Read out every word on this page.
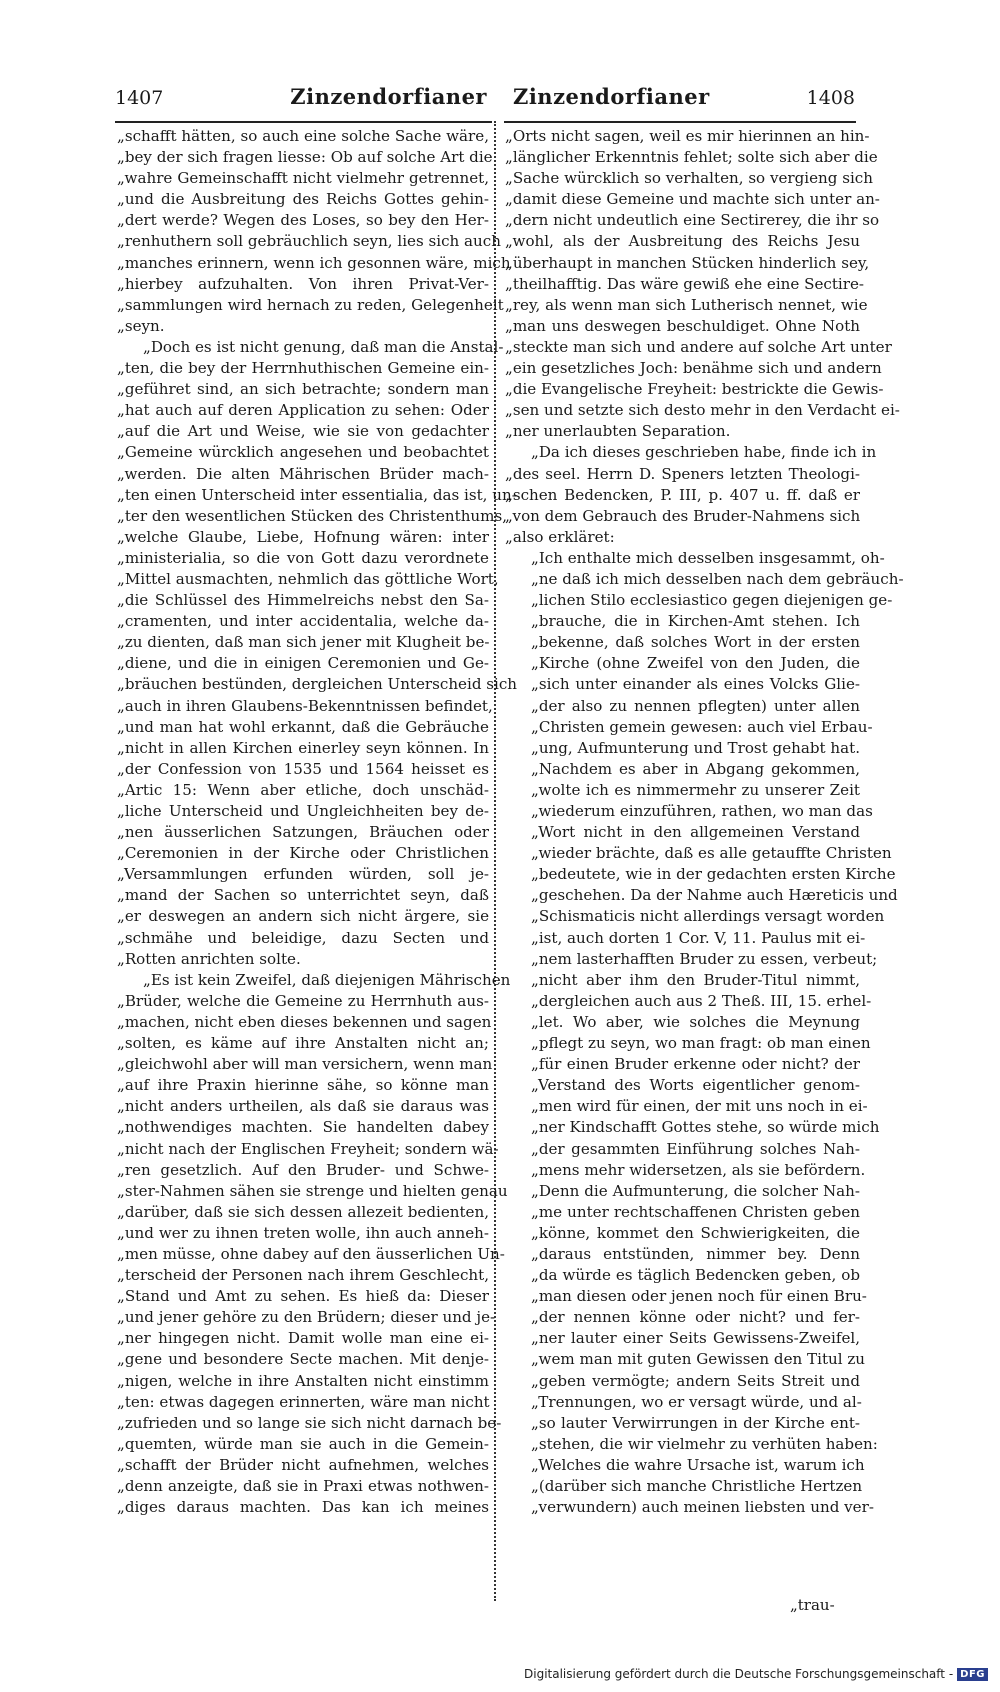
1407	Zinzendorfianer Zinzendorfianer	1408
„schafft hätten, so auch eine solche Sache wäre,
„bey der sich fragen liesse: Ob auf solche Art die
„wahre Gemeinschafft nicht vielmehr getrennet,
„und die Ausbreitung des Reichs Gottes gehin-
„dert werde? Wegen des Loses, so bey den Her-
„renhuthern soll gebräuchlich seyn, lies sich auch
„manches erinnern, wenn ich gesonnen wäre, mich
„hierbey aufzuhalten. Von ihren Privat-Ver-
„sammlungen wird hernach zu reden, Gelegenheit
„seyn.
„Doch es ist nicht genung, daß man die Anstal-
„ten, die bey der Herrnhuthischen Gemeine ein-
„geführet sind, an sich betrachte; sondern man
„hat auch auf deren Application zu sehen: Oder
„auf die Art und Weise, wie sie von gedachter
„Gemeine würcklich angesehen und beobachtet
„werden. Die alten Mährischen Brüder mach-
„ten einen Unterscheid inter essentialia, das ist, un-
„ter den wesentlichen Stücken des Christenthums,
„welche Glaube, Liebe, Hofnung wären: inter
„ministerialia, so die von Gott dazu verordnete
„Mittel ausmachten, nehmlich das göttliche Wort,
„die Schlüssel des Himmelreichs nebst den Sa-
„cramenten, und inter accidentalia, welche da-
„zu dienten, daß man sich jener mit Klugheit be-
„diene, und die in einigen Ceremonien und Ge-
„bräuchen bestünden, dergleichen Unterscheid sich
„auch in ihren Glaubens-Bekenntnissen befindet,
„und man hat wohl erkannt, daß die Gebräuche
„nicht in allen Kirchen einerley seyn können. In
„der Confession von 1535 und 1564 heisset es
„Artic 15: Wenn aber etliche, doch unschäd-
„liche Unterscheid und Ungleichheiten bey de-
„nen äusserlichen Satzungen, Bräuchen oder
„Ceremonien in der Kirche oder Christlichen
„Versammlungen erfunden würden, soll je-
„mand der Sachen so unterrichtet seyn, daß
„er deswegen an andern sich nicht ärgere, sie
„schmähe und beleidige, dazu Secten und
„Rotten anrichten solte.
„Es ist kein Zweifel, daß diejenigen Mährischen
„Brüder, welche die Gemeine zu Herrnhuth aus-
„machen, nicht eben dieses bekennen und sagen
„solten, es käme auf ihre Anstalten nicht an;
„gleichwohl aber will man versichern, wenn man
„auf ihre Praxin hierinne sähe, so könne man
„nicht anders urtheilen, als daß sie daraus was
„nothwendiges machten. Sie handelten dabey
„nicht nach der Englischen Freyheit; sondern wä-
„ren gesetzlich. Auf den Bruder- und Schwe-
„ster-Nahmen sähen sie strenge und hielten genau
„darüber, daß sie sich dessen allezeit bedienten,
„und wer zu ihnen treten wolle, ihn auch anneh-
„men müsse, ohne dabey auf den äusserlichen Un-
„terscheid der Personen nach ihrem Geschlecht,
„Stand und Amt zu sehen. Es hieß da: Dieser
„und jener gehöre zu den Brüdern; dieser und je-
„ner hingegen nicht. Damit wolle man eine ei-
„gene und besondere Secte machen. Mit denje-
„nigen, welche in ihre Anstalten nicht einstimm
„ten: etwas dagegen erinnerten, wäre man nicht
„zufrieden und so lange sie sich nicht darnach be-
„quemten, würde man sie auch in die Gemein-
„schafft der Brüder nicht aufnehmen, welches
„denn anzeigte, daß sie in Praxi etwas nothwen-
„diges daraus machten. Das kan ich meines
„Orts nicht sagen, weil es mir hierinnen an hin-
„länglicher Erkenntnis fehlet; solte sich aber die
„Sache würcklich so verhalten, so vergieng sich
„damit diese Gemeine und machte sich unter an-
„dern nicht undeutlich eine Sectirerey, die ihr so
„wohl, als der Ausbreitung des Reichs Jesu
„überhaupt in manchen Stücken hinderlich sey,
„theilhafftig. Das wäre gewiß ehe eine Sectire-
„rey, als wenn man sich Lutherisch nennet, wie
„man uns deswegen beschuldiget. Ohne Noth
„steckte man sich und andere auf solche Art unter
„ein gesetzliches Joch: benähme sich und andern
„die Evangelische Freyheit: bestrickte die Gewis-
„sen und setzte sich desto mehr in den Verdacht ei-
„ner unerlaubten Separation.
„Da ich dieses geschrieben habe, finde ich in
„des seel. Herrn D. Speners letzten Theologi-
„schen Bedencken, P. III, p. 407 u. ff. daß er
„von dem Gebrauch des Bruder-Nahmens sich
„also erkläret:
„Ich enthalte mich desselben insgesammt, oh-
„ne daß ich mich desselben nach dem gebräuch-
„lichen Stilo ecclesiastico gegen diejenigen ge-
„brauche, die in Kirchen-Amt stehen. Ich
„bekenne, daß solches Wort in der ersten
„Kirche (ohne Zweifel von den Juden, die
„sich unter einander als eines Volcks Glie-
„der also zu nennen pflegten) unter allen
„Christen gemein gewesen: auch viel Erbau-
„ung, Aufmunterung und Trost gehabt hat.
„Nachdem es aber in Abgang gekommen,
„wolte ich es nimmermehr zu unserer Zeit
„wiederum einzuführen, rathen, wo man das
„Wort nicht in den allgemeinen Verstand
„wieder brächte, daß es alle getauffte Christen
„bedeutete, wie in der gedachten ersten Kirche
„geschehen. Da der Nahme auch Hæreticis und
„Schismaticis nicht allerdings versagt worden
„ist, auch dorten 1 Cor. V, 11. Paulus mit ei-
„nem lasterhafften Bruder zu essen, verbeut;
„nicht aber ihm den Bruder-Titul nimmt,
„dergleichen auch aus 2 Theß. III, 15. erhel-
„let. Wo aber, wie solches die Meynung
„pflegt zu seyn, wo man fragt: ob man einen
„für einen Bruder erkenne oder nicht? der
„Verstand des Worts eigentlicher genom-
„men wird für einen, der mit uns noch in ei-
„ner Kindschafft Gottes stehe, so würde mich
„der gesammten Einführung solches Nah-
„mens mehr widersetzen, als sie befördern.
„Denn die Aufmunterung, die solcher Nah-
„me unter rechtschaffenen Christen geben
„könne, kommet den Schwierigkeiten, die
„daraus entstünden, nimmer bey. Denn
„da würde es täglich Bedencken geben, ob
„man diesen oder jenen noch für einen Bru-
„der nennen könne oder nicht? und fer-
„ner lauter einer Seits Gewissens-Zweifel,
„wem man mit guten Gewissen den Titul zu
„geben vermögte; andern Seits Streit und
„Trennungen, wo er versagt würde, und al-
„so lauter Verwirrungen in der Kirche ent-
„stehen, die wir vielmehr zu verhüten haben:
„Welches die wahre Ursache ist, warum ich
„(darüber sich manche Christliche Hertzen
„verwundern) auch meinen liebsten und ver-
„trau-
Digitalisierung gefördert durch die Deutsche Forschungsgemeinschaft - DFG
